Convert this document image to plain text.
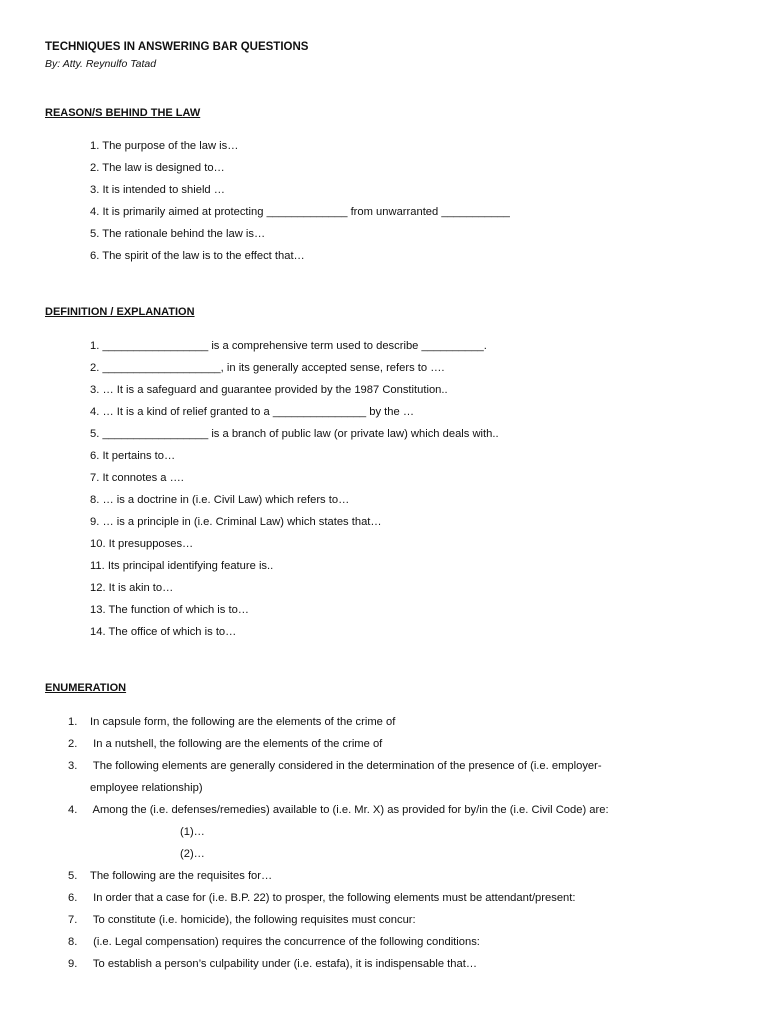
TECHNIQUES IN ANSWERING BAR QUESTIONS
By: Atty. Reynulfo Tatad
REASON/S BEHIND THE LAW
1. The purpose of the law is…
2. The law is designed to…
3. It is intended to shield …
4. It is primarily aimed at protecting _____________ from unwarranted ___________
5. The rationale behind the law is…
6. The spirit of the law is to the effect that…
DEFINITION / EXPLANATION
1. _________________ is a comprehensive term used to describe __________.
2. ___________________, in its generally accepted sense, refers to ….
3. … It is a safeguard and guarantee provided by the 1987 Constitution..
4. … It is a kind of relief granted to a _______________ by the …
5. _________________ is a branch of public law (or private law) which deals with..
6. It pertains to…
7. It connotes a ….
8. … is a doctrine in (i.e. Civil Law) which refers to…
9. … is a principle in (i.e. Criminal Law) which states that…
10. It presupposes…
11. Its principal identifying feature is..
12. It is akin to…
13. The function of which is to…
14. The office of which is to…
ENUMERATION
1. In capsule form, the following are the elements of the crime of
2. In a nutshell, the following are the elements of the crime of
3. The following elements are generally considered in the determination of the presence of (i.e. employer-
employee relationship)
4. Among the (i.e. defenses/remedies) available to (i.e. Mr. X) as provided for by/in the (i.e. Civil Code) are:
(1)…
(2)…
5. The following are the requisites for…
6. In order that a case for (i.e. B.P. 22) to prosper, the following elements must be attendant/present:
7. To constitute (i.e. homicide), the following requisites must concur:
8. (i.e. Legal compensation) requires the concurrence of the following conditions:
9. To establish a person’s culpability under (i.e. estafa), it is indispensable that…
